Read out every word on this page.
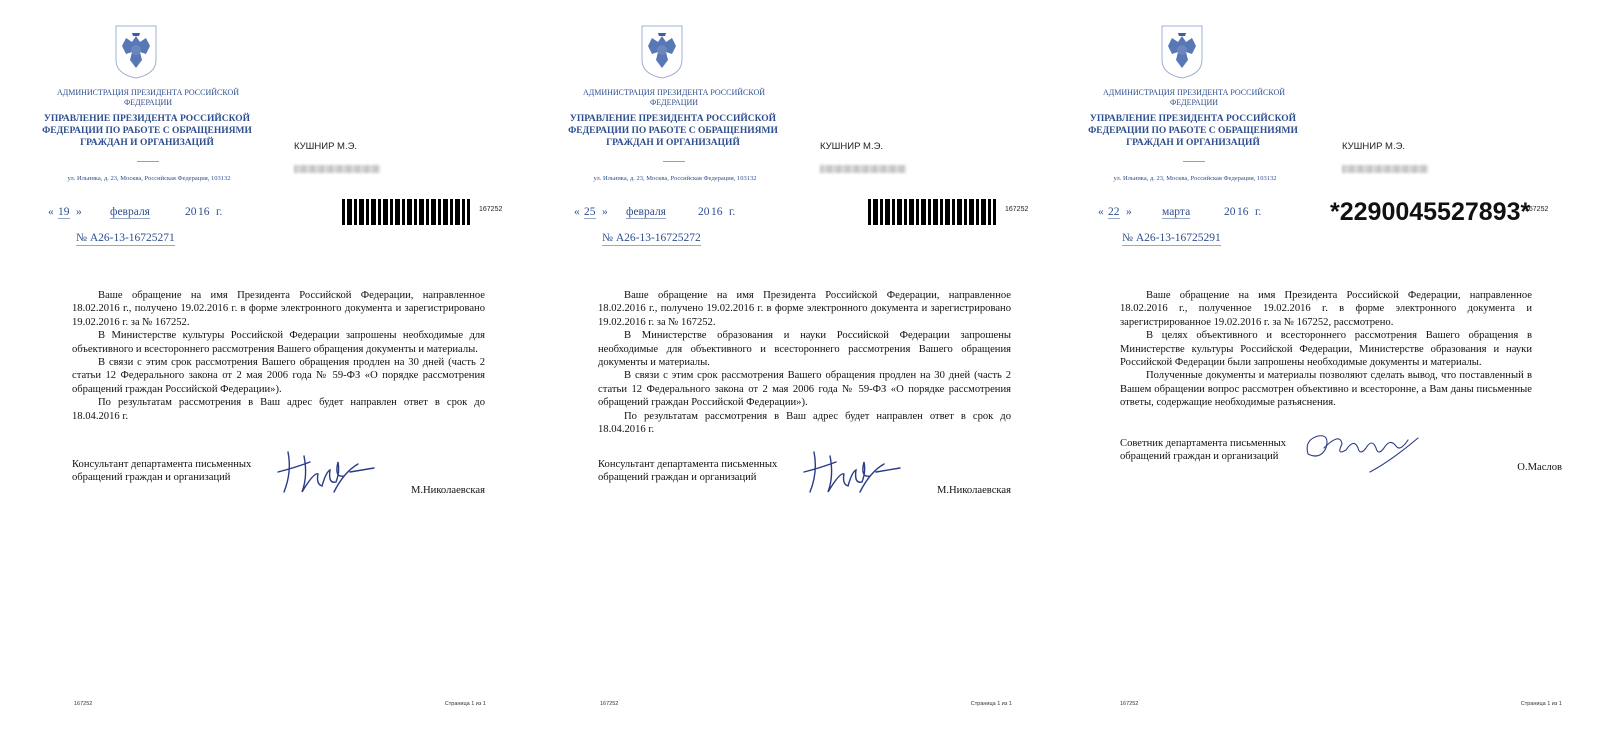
АДМИНИСТРАЦИЯ ПРЕЗИДЕНТА РОССИЙСКОЙ ФЕДЕРАЦИИ
УПРАВЛЕНИЕ ПРЕЗИДЕНТА РОССИЙСКОЙ ФЕДЕРАЦИИ ПО РАБОТЕ С ОБРАЩЕНИЯМИ ГРАЖДАН И ОРГАНИЗАЦИЙ
ул. Ильинка, д. 23, Москва, Российская Федерация, 103132
КУШНИР М.Э.
« 19 » февраля	20 16 г.
№ А26-13-16725271
167252

Ваше обращение на имя Президента Российской Федерации, направленное 18.02.2016 г., получено 19.02.2016 г. в форме электронного документа и зарегистрировано 19.02.2016 г. за № 167252.

В Министерстве культуры Российской Федерации запрошены необходимые для объективного и всестороннего рассмотрения Вашего обращения документы и материалы.

В связи с этим срок рассмотрения Вашего обращения продлен на 30 дней (часть 2 статьи 12 Федерального закона от 2 мая 2006 года № 59-ФЗ «О порядке рассмотрения обращений граждан Российской Федерации»).

По результатам рассмотрения в Ваш адрес будет направлен ответ в срок до 18.04.2016 г.

Консультант департамента письменных обращений граждан и организаций
М.Николаевская
167252	Страница 1 из 1
АДМИНИСТРАЦИЯ ПРЕЗИДЕНТА РОССИЙСКОЙ ФЕДЕРАЦИИ
УПРАВЛЕНИЕ ПРЕЗИДЕНТА РОССИЙСКОЙ ФЕДЕРАЦИИ ПО РАБОТЕ С ОБРАЩЕНИЯМИ ГРАЖДАН И ОРГАНИЗАЦИЙ
ул. Ильинка, д. 23, Москва, Российская Федерация, 103132
КУШНИР М.Э.
« 25 » февраля	20 16 г.
№ А26-13-16725272
167252

Ваше обращение на имя Президента Российской Федерации, направленное 18.02.2016 г., получено 19.02.2016 г. в форме электронного документа и зарегистрировано 19.02.2016 г. за № 167252.

В Министерстве образования и науки Российской Федерации запрошены необходимые для объективного и всестороннего рассмотрения Вашего обращения документы и материалы.

В связи с этим срок рассмотрения Вашего обращения продлен на 30 дней (часть 2 статьи 12 Федерального закона от 2 мая 2006 года № 59-ФЗ «О порядке рассмотрения обращений граждан Российской Федерации»).

По результатам рассмотрения в Ваш адрес будет направлен ответ в срок до 18.04.2016 г.

Консультант департамента письменных обращений граждан и организаций
М.Николаевская
167252	Страница 1 из 1
АДМИНИСТРАЦИЯ ПРЕЗИДЕНТА РОССИЙСКОЙ ФЕДЕРАЦИИ
УПРАВЛЕНИЕ ПРЕЗИДЕНТА РОССИЙСКОЙ ФЕДЕРАЦИИ ПО РАБОТЕ С ОБРАЩЕНИЯМИ ГРАЖДАН И ОРГАНИЗАЦИЙ
ул. Ильинка, д. 23, Москва, Российская Федерация, 103132
КУШНИР М.Э.
« 22 »	марта	20 16 г.
№ А26-13-16725291
*2290045527893*
167252

Ваше обращение на имя Президента Российской Федерации, направленное 18.02.2016 г., полученное 19.02.2016 г. в форме электронного документа и зарегистрированное 19.02.2016 г. за № 167252, рассмотрено.

В целях объективного и всестороннего рассмотрения Вашего обращения в Министерстве культуры Российской Федерации, Министерстве образования и науки Российской Федерации были запрошены необходимые документы и материалы.

Полученные документы и материалы позволяют сделать вывод, что поставленный в Вашем обращении вопрос рассмотрен объективно и всесторонне, а Вам даны письменные ответы, содержащие необходимые разъяснения.

Советник департамента письменных обращений граждан и организаций
О.Маслов
167252	Страница 1 из 1
